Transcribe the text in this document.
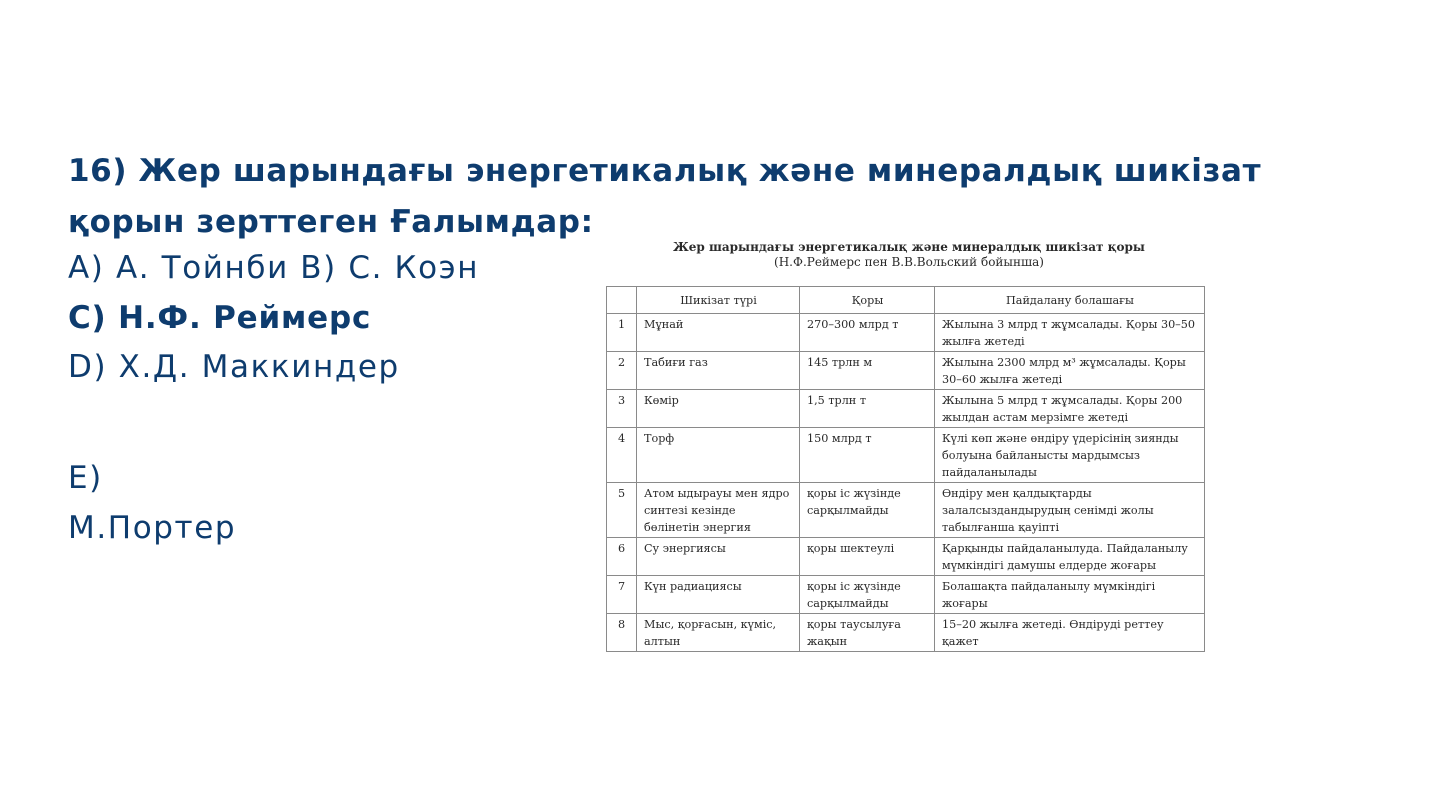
16) Жер шарындағы энергетикалық және минералдық шикізат қорын зерттеген Ғалымдар:
А) А. Тойнби В) С. Коэн
С) Н.Ф. Реймерс
D) Х.Д. Маккиндер
Е)
М.Портер
Жер шарындағы энергетикалық және минералдық шикізат қоры
(Н.Ф.Реймерс пен В.В.Вольский бойынша)
	Шикізат түрі	Қоры	Пайдалану болашағы
1	Мұнай	270–300 млрд т	Жылына 3 млрд т жұмсалады. Қоры 30–50 жылға жетеді
2	Табиғи газ	145 трлн м	Жылына 2300 млрд м³ жұмсалады. Қоры 30–60 жылға жетеді
3	Көмір	1,5 трлн т	Жылына 5 млрд т жұмсалады. Қоры 200 жылдан астам мерзімге жетеді
4	Торф	150 млрд т	Күлі көп және өндіру үдерісінің зиянды болуына байланысты мардымсыз пайдаланылады
5	Атом ыдырауы мен ядро синтезі кезінде бөлінетін энергия	қоры іс жүзінде сарқылмайды	Өндіру мен қалдықтарды залалсыздандырудың сенімді жолы табылғанша қауіпті
6	Су энергиясы	қоры шектеулі	Қарқынды пайдаланылуда. Пайдаланылу мүмкіндігі дамушы елдерде жоғары
7	Күн радиациясы	қоры іс жүзінде сарқылмайды	Болашақта пайдаланылу мүмкіндігі жоғары
8	Мыс, қорғасын, күміс, алтын	қоры таусылуға жақын	15–20 жылға жетеді. Өндіруді реттеу қажет
